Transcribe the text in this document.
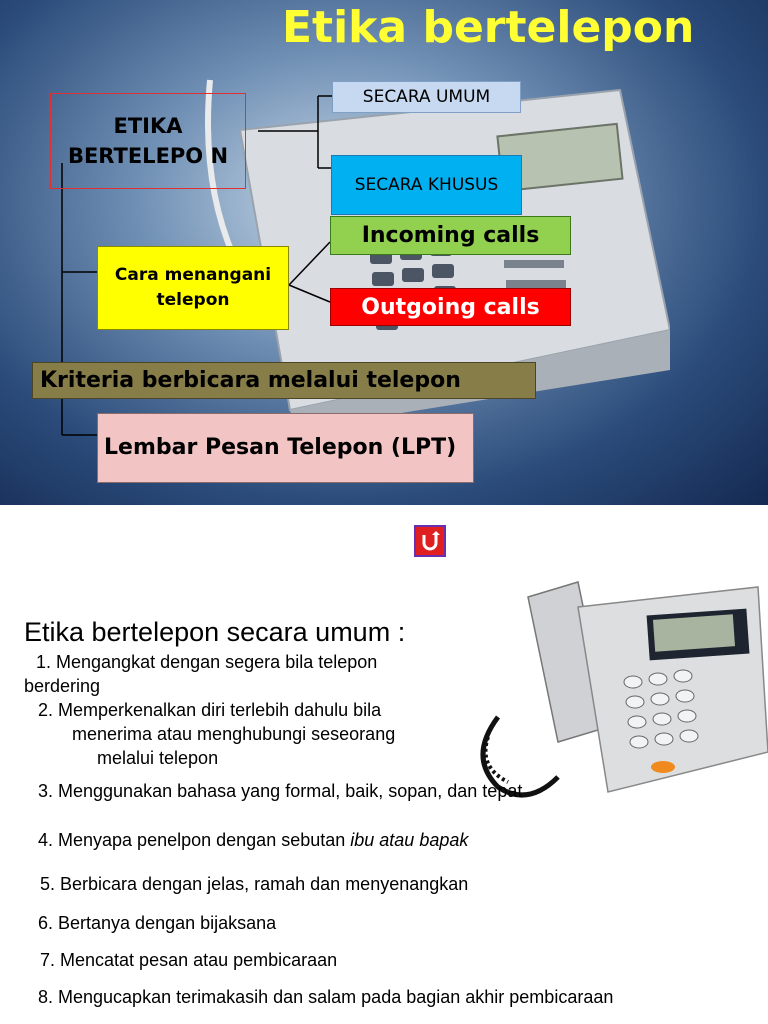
Etika bertelepon
ETIKA BERTELEPO N
SECARA UMUM
SECARA KHUSUS
Incoming calls
Cara menangani telepon	Outgoing calls
Kriteria berbicara melalui telepon
Lembar Pesan Telepon (LPT)
Etika bertelepon secara umum :
1. Mengangkat dengan segera bila telepon
berdering
2. Memperkenalkan diri terlebih dahulu bila
menerima atau menghubungi seseorang
melalui telepon
3. Menggunakan bahasa yang formal, baik, sopan, dan tepat
4. Menyapa penelpon dengan sebutan ibu atau bapak
5. Berbicara dengan jelas, ramah dan menyenangkan
6. Bertanya dengan bijaksana
7. Mencatat pesan atau pembicaraan
8. Mengucapkan terimakasih dan salam pada bagian akhir pembicaraan
